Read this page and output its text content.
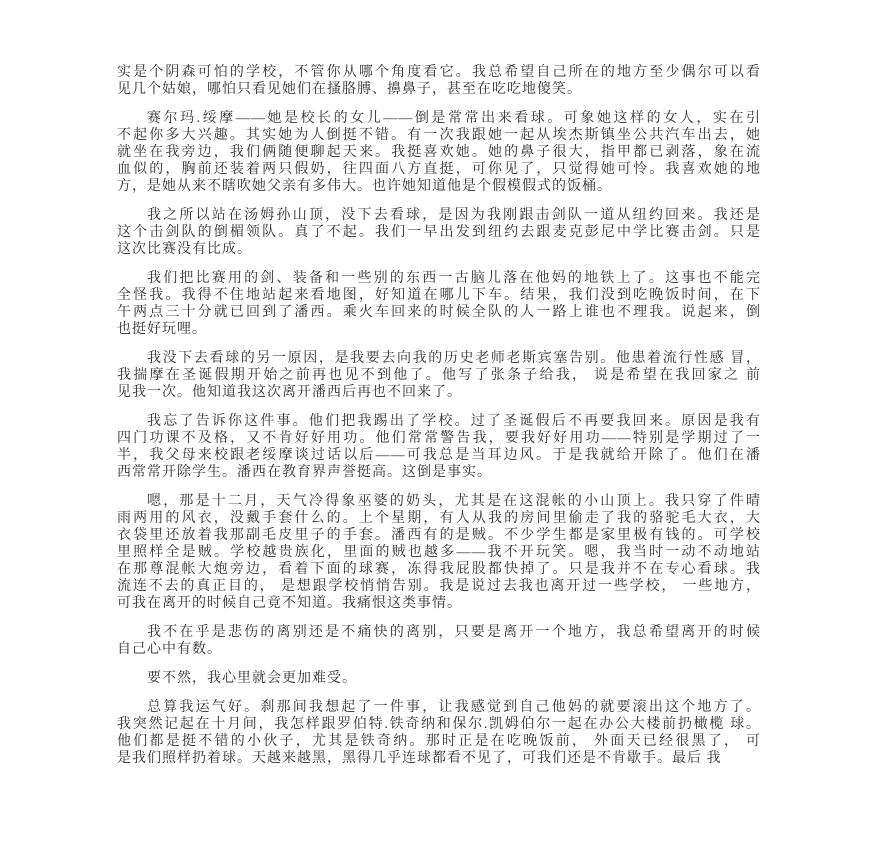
实是个阴森可怕的学校，不管你从哪个角度看它。我总希望自己所在的地方至少偶尔可以看
见几个姑娘，哪怕只看见她们在搔胳膊、擤鼻子，甚至在吃吃地傻笑。
赛尔玛.绥摩——她是校长的女儿——倒是常常出来看球。可象她这样的女人，实在引
不起你多大兴趣。其实她为人倒挺不错。有一次我跟她一起从埃杰斯镇坐公共汽车出去，她
就坐在我旁边，我们俩随便聊起天来。我挺喜欢她。她的鼻子很大，指甲都已剥落，象在流
血似的，胸前还装着两只假奶，往四面八方直挺，可你见了，只觉得她可怜。我喜欢她的地
方，是她从来不瞎吹她父亲有多伟大。也许她知道他是个假模假式的饭桶。
我之所以站在汤姆孙山顶，没下去看球，是因为我刚跟击剑队一道从纽约回来。我还是
这个击剑队的倒楣领队。真了不起。我们一早出发到纽约去跟麦克彭尼中学比赛击剑。只是
这次比赛没有比成。
我们把比赛用的剑、装备和一些别的东西一古脑儿落在他妈的地铁上了。这事也不能完
全怪我。我得不住地站起来看地图，好知道在哪儿下车。结果，我们没到吃晚饭时间，在下
午两点三十分就已回到了潘西。乘火车回来的时候全队的人一路上谁也不理我。说起来，倒
也挺好玩哩。
我没下去看球的另一原因，是我要去向我的历史老师老斯宾塞告别。他患着流行性感 冒，
我揣摩在圣诞假期开始之前再也见不到他了。他写了张条子给我， 说是希望在我回家之 前
见我一次。他知道我这次离开潘西后再也不回来了。
我忘了告诉你这件事。他们把我踢出了学校。过了圣诞假后不再要我回来。原因是我有
四门功课不及格，又不肯好好用功。他们常常警告我，要我好好用功——特别是学期过了一
半，我父母来校跟老绥摩谈过话以后——可我总是当耳边风。于是我就给开除了。他们在潘
西常常开除学生。潘西在教育界声誉挺高。这倒是事实。
嗯，那是十二月，天气冷得象巫婆的奶头，尤其是在这混帐的小山顶上。我只穿了件晴
雨两用的风衣，没戴手套什么的。上个星期，有人从我的房间里偷走了我的骆驼毛大衣，大
衣袋里还放着我那副毛皮里子的手套。潘西有的是贼。不少学生都是家里极有钱的。可学校
里照样全是贼。学校越贵族化，里面的贼也越多——我不开玩笑。嗯，我当时一动不动地站
在那尊混帐大炮旁边，看着下面的球赛，冻得我屁股都快掉了。只是我并不在专心看球。我
流连不去的真正目的， 是想跟学校悄悄告别。我是说过去我也离开过一些学校， 一些地方，
可我在离开的时候自己竟不知道。我痛恨这类事情。
我不在乎是悲伤的离别还是不痛快的离别，只要是离开一个地方，我总希望离开的时候
自己心中有数。
要不然，我心里就会更加难受。
总算我运气好。刹那间我想起了一件事，让我感觉到自己他妈的就要滚出这个地方了。
我突然记起在十月间，我怎样跟罗伯特.铁奇纳和保尔.凯姆伯尔一起在办公大楼前扔橄榄 球。
他们都是挺不错的小伙子，尤其是铁奇纳。那时正是在吃晚饭前， 外面天已经很黑了， 可
是我们照样扔着球。天越来越黑，黑得几乎连球都看不见了，可我们还是不肯歇手。最后 我
